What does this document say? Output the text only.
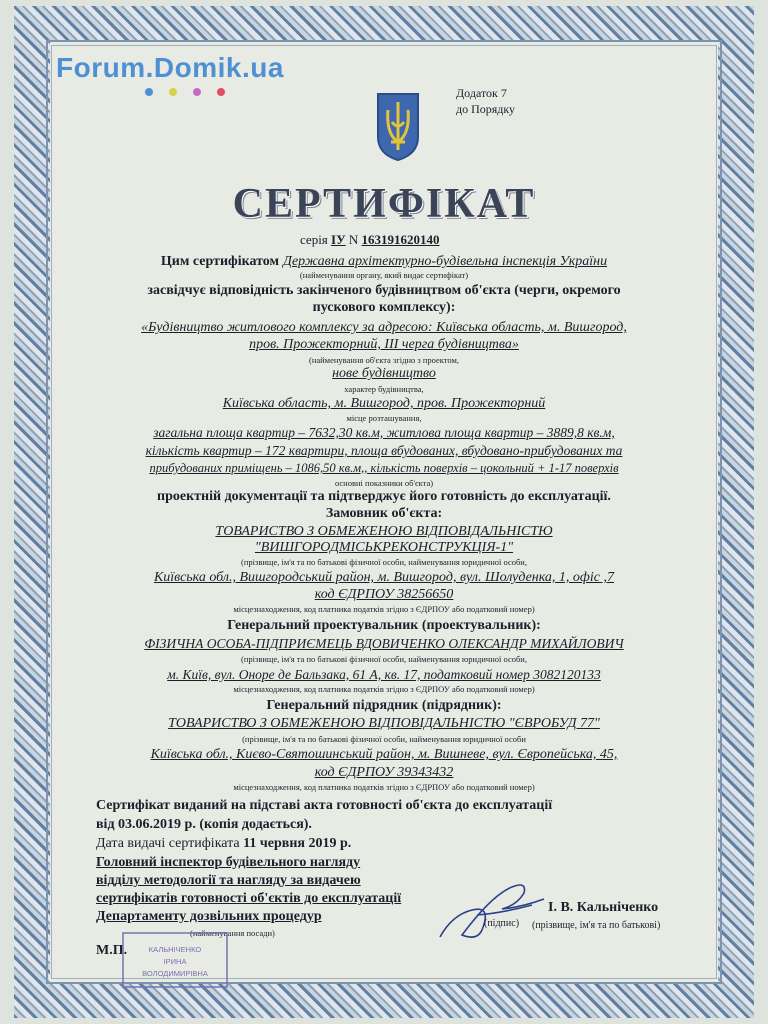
Forum.Domik.ua
Додаток 7
до Порядку
СЕРТИФІКАТ
серія ІУ N 163191620140
Цим сертифікатом Державна архітектурно-будівельна інспекція України
(найменування органу, який видає сертифікат)
засвідчує відповідність закінченого будівництвом об'єкта (черги, окремого
пускового комплексу):
«Будівництво житлового комплексу за адресою: Київська область, м. Вишгород,
пров. Прожекторний, ІІІ черга будівництва»
(найменування об'єкта згідно з проектом,
нове будівництво
характер будівництва,
Київська область, м. Вишгород, пров. Прожекторний
місце розташування,
загальна площа квартир – 7632,30 кв.м, житлова площа квартир – 3889,8 кв.м,
кількість квартир – 172 квартири, площа вбудованих, вбудовано-прибудованих та
прибудованих приміщень – 1086,50 кв.м,, кількість поверхів – цокольний + 1-17 поверхів
основні показники об'єкта)
проектній документації та підтверджує його готовність до експлуатації.
Замовник об'єкта:
ТОВАРИСТВО З ОБМЕЖЕНОЮ ВІДПОВІДАЛЬНІСТЮ
"ВИШГОРОДМІСЬКРЕКОНСТРУКЦІЯ-1"
(прізвище, ім'я та по батькові фізичної особи, найменування юридичної особи,
Київська обл., Вишгородський район, м. Вишгород, вул. Шолуденка, 1, офіс ,7
код ЄДРПОУ 38256650
місцезнаходження, код платника податків згідно з ЄДРПОУ або податковий номер)
Генеральний проектувальник (проектувальник):
ФІЗИЧНА ОСОБА-ПІДПРИЄМЕЦЬ ВДОВИЧЕНКО ОЛЕКСАНДР МИХАЙЛОВИЧ
(прізвище, ім'я та по батькові фізичної особи, найменування юридичної особи,
м. Київ, вул. Оноре де Бальзака, 61 А, кв. 17, податковий номер 3082120133
місцезнаходження, код платника податків згідно з ЄДРПОУ або податковий номер)
Генеральний підрядник (підрядник):
ТОВАРИСТВО З ОБМЕЖЕНОЮ ВІДПОВІДАЛЬНІСТЮ "ЄВРОБУД 77"
(прізвище, ім'я та по батькові фізичної особи, найменування юридичної особи
Київська обл., Києво-Святошинський район, м. Вишневе, вул. Європейська, 45,
код ЄДРПОУ 39343432
місцезнаходження, код платника податків згідно з ЄДРПОУ або податковий номер)
Сертифікат виданий на підставі акта готовності об'єкта до експлуатації
від 03.06.2019 р. (копія додається).
Дата видачі сертифіката 11 червня 2019 р.
Головний інспектор будівельного нагляду
відділу методології та нагляду за видачею
сертифікатів готовності об'єктів до експлуатації
Департаменту дозвільних процедур
(найменування посади)
(підпис)
І. В. Кальніченко
(прізвище, ім'я та по батькові)
М.П.	КАЛЬНІЧЕНКО
ІРИНА
ВОЛОДИМИРІВНА
